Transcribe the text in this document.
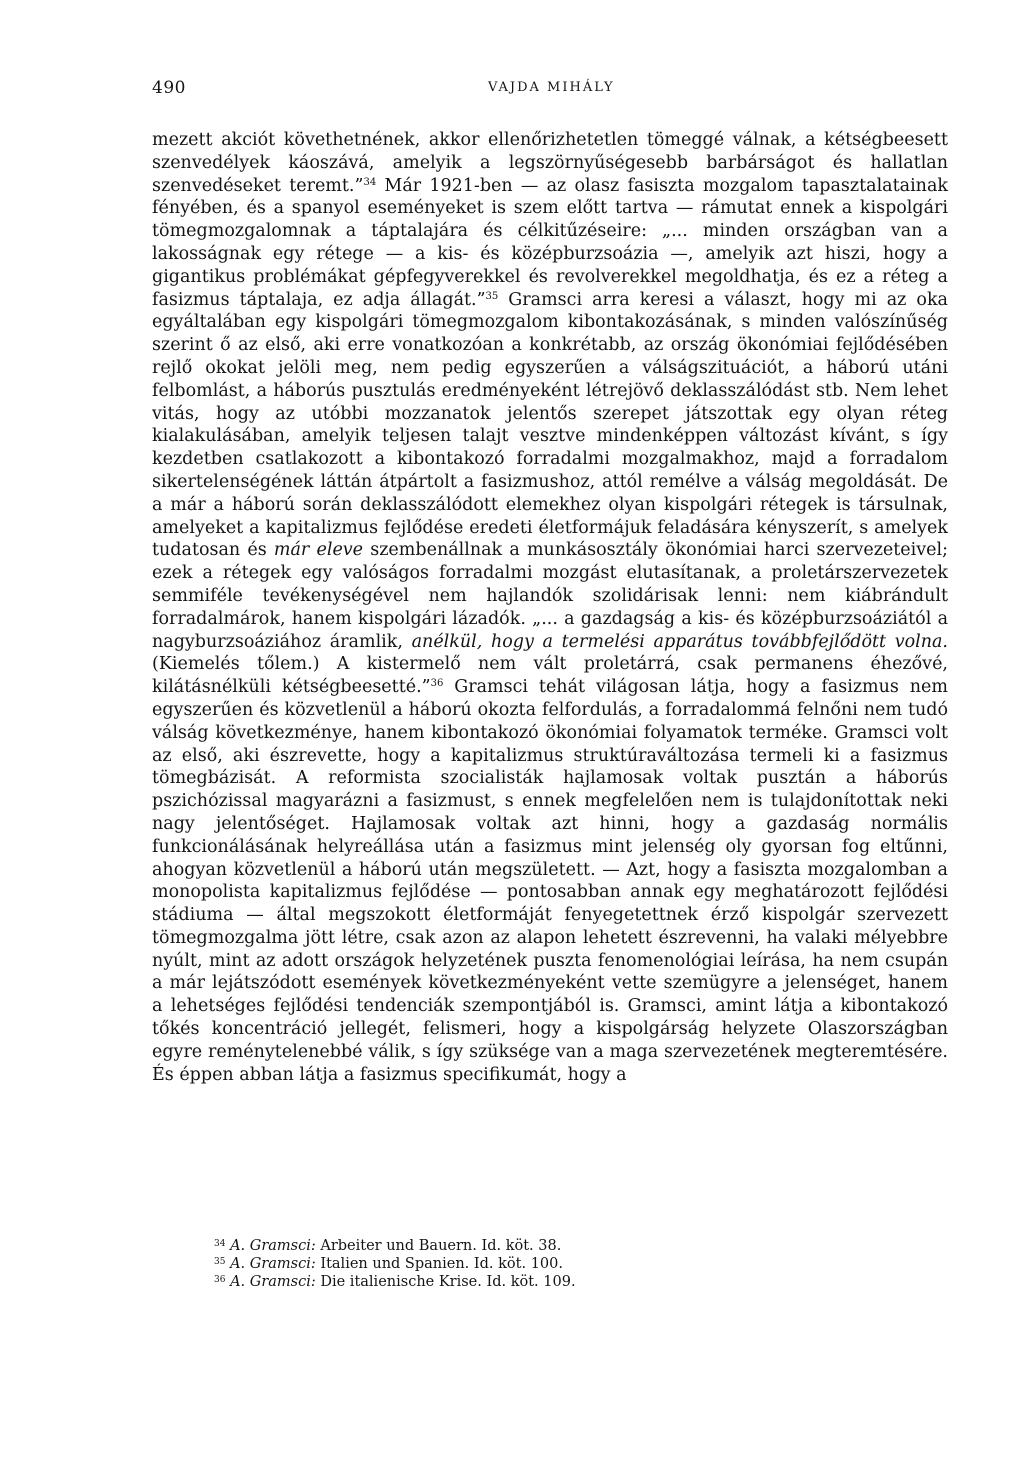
490	VAJDA MIHÁLY

mezett akciót követhetnének, akkor ellenőrizhetetlen tömeggé válnak, a kétségbeesett szenvedélyek káoszává, amelyik a legszörnyűségesebb barbárságot és hallatlan szenvedéseket teremt.”$^{34}$ Már 1921-ben — az olasz fasiszta mozgalom tapasztalatainak fényében, és a spanyol eseményeket is szem előtt tartva — rámutat ennek a kispolgári tömegmozgalomnak a táptalajára és célkitűzéseire: „... minden országban van a lakosságnak egy rétege — a kis- és középburzsoázia —, amelyik azt hiszi, hogy a gigantikus problémákat gépfegyverekkel és revolverekkel megoldhatja, és ez a réteg a fasizmus táptalaja, ez adja állagát.”$^{35}$ Gramsci arra keresi a választ, hogy mi az oka egyáltalában egy kispolgári tömegmozgalom kibontakozásának, s minden valószínűség szerint ő az első, aki erre vonatkozóan a konkrétabb, az ország ökonómiai fejlődésében rejlő okokat jelöli meg, nem pedig egyszerűen a válságszituációt, a háború utáni felbomlást, a háborús pusztulás eredményeként létrejövő deklasszálódást stb. Nem lehet vitás, hogy az utóbbi mozzanatok jelentős szerepet játszottak egy olyan réteg kialakulásában, amelyik teljesen talajt vesztve mindenképpen változást kívánt, s így kezdetben csatlakozott a kibontakozó forradalmi mozgalmakhoz, majd a forradalom sikertelenségének láttán átpártolt a fasizmushoz, attól remélve a válság megoldását. De a már a háború során deklasszálódott elemekhez olyan kispolgári rétegek is társulnak, amelyeket a kapitalizmus fejlődése eredeti életformájuk feladására kényszerít, s amelyek tudatosan és már eleve szembenállnak a munkásosztály ökonómiai harci szervezeteivel; ezek a rétegek egy valóságos forradalmi mozgást elutasítanak, a proletárszervezetek semmiféle tevékenységével nem hajlandók szolidárisak lenni: nem kiábrándult forradalmárok, hanem kispolgári lázadók. „... a gazdagság a kis- és középburzsoáziától a nagyburzsoáziához áramlik, anélkül, hogy a termelési apparátus továbbfejlődött volna. (Kiemelés tőlem.) A kistermelő nem vált proletárrá, csak permanens éhezővé, kilátásnélküli kétségbeesetté.”$^{36}$ Gramsci tehát világosan látja, hogy a fasizmus nem egyszerűen és közvetlenül a háború okozta felfordulás, a forradalommá felnőni nem tudó válság következménye, hanem kibontakozó ökonómiai folyamatok terméke. Gramsci volt az első, aki észrevette, hogy a kapitalizmus struktúraváltozása termeli ki a fasizmus tömegbázisát. A reformista szocialisták hajlamosak voltak pusztán a háborús pszichózissal magyarázni a fasizmust, s ennek megfelelően nem is tulajdonítottak neki nagy jelentőséget. Hajlamosak voltak azt hinni, hogy a gazdaság normális funkcionálásának helyreállása után a fasizmus mint jelenség oly gyorsan fog eltűnni, ahogyan közvetlenül a háború után megszületett. — Azt, hogy a fasiszta mozgalomban a monopolista kapitalizmus fejlődése — pontosabban annak egy meghatározott fejlődési stádiuma — által megszokott életformáját fenyegetettnek érző kispolgár szervezett tömegmozgalma jött létre, csak azon az alapon lehetett észrevenni, ha valaki mélyebbre nyúlt, mint az adott országok helyzetének puszta fenomenológiai leírása, ha nem csupán a már lejátszódott események következményeként vette szemügyre a jelenséget, hanem a lehetséges fejlődési tendenciák szempontjából is. Gramsci, amint látja a kibontakozó tőkés koncentráció jellegét, felismeri, hogy a kispolgárság helyzete Olaszországban egyre reménytelenebbé válik, s így szüksége van a maga szervezetének megteremtésére. És éppen abban látja a fasizmus specifikumát, hogy a

$^{34}$ A. Gramsci: Arbeiter und Bauern. Id. köt. 38.
$^{35}$ A. Gramsci: Italien und Spanien. Id. köt. 100.
$^{36}$ A. Gramsci: Die italienische Krise. Id. köt. 109.
